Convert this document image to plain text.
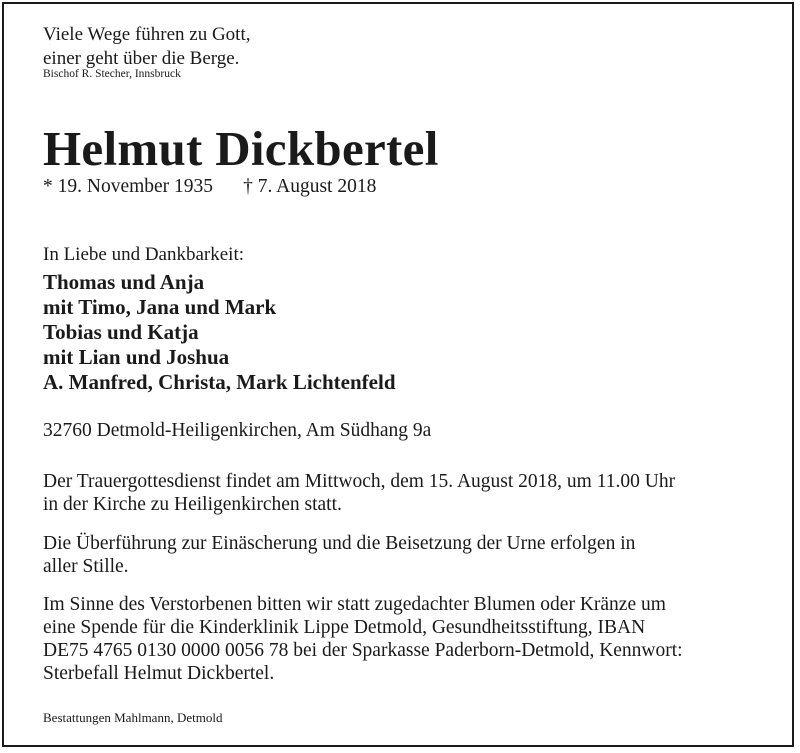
Viele Wege führen zu Gott,
einer geht über die Berge.
Bischof R. Stecher, Innsbruck
Helmut Dickbertel
* 19. November 1935 † 7. August 2018
In Liebe und Dankbarkeit:
Thomas und Anja
mit Timo, Jana und Mark
Tobias und Katja
mit Lian und Joshua
A. Manfred, Christa, Mark Lichtenfeld
32760 Detmold-Heiligenkirchen, Am Südhang 9a
Der Trauergottesdienst findet am Mittwoch, dem 15. August 2018, um 11.00 Uhr
in der Kirche zu Heiligenkirchen statt.
Die Überführung zur Einäscherung und die Beisetzung der Urne erfolgen in
aller Stille.
Im Sinne des Verstorbenen bitten wir statt zugedachter Blumen oder Kränze um
eine Spende für die Kinderklinik Lippe Detmold, Gesundheitsstiftung, IBAN
DE75 4765 0130 0000 0056 78 bei der Sparkasse Paderborn-Detmold, Kennwort:
Sterbefall Helmut Dickbertel.
Bestattungen Mahlmann, Detmold
